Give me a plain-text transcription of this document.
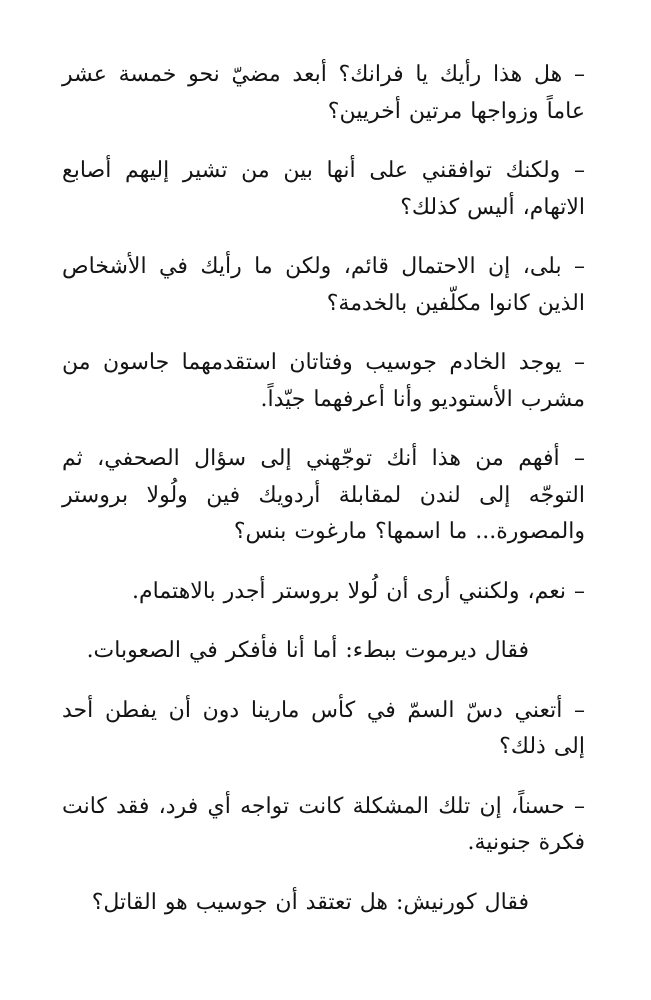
– هل هذا رأيك يا فرانك؟ أبعد مضيّ نحو خمسة عشر عاماً وزواجها مرتين أخريين؟

– ولكنك توافقني على أنها بين من تشير إليهم أصابع الاتهام، أليس كذلك؟

– بلى، إن الاحتمال قائم، ولكن ما رأيك في الأشخاص الذين كانوا مكلّفين بالخدمة؟

– يوجد الخادم جوسيب وفتاتان استقدمهما جاسون من مشرب الأستوديو وأنا أعرفهما جيّداً.

– أفهم من هذا أنك توجّهني إلى سؤال الصحفي، ثم التوجّه إلى لندن لمقابلة أردويك فين ولُولا بروستر والمصورة... ما اسمها؟ مارغوت بنس؟

– نعم، ولكنني أرى أن لُولا بروستر أجدر بالاهتمام.

فقال ديرموت ببطء: أما أنا فأفكر في الصعوبات.

– أتعني دسّ السمّ في كأس مارينا دون أن يفطن أحد إلى ذلك؟

– حسناً، إن تلك المشكلة كانت تواجه أي فرد، فقد كانت فكرة جنونية.

فقال كورنيش: هل تعتقد أن جوسيب هو القاتل؟
